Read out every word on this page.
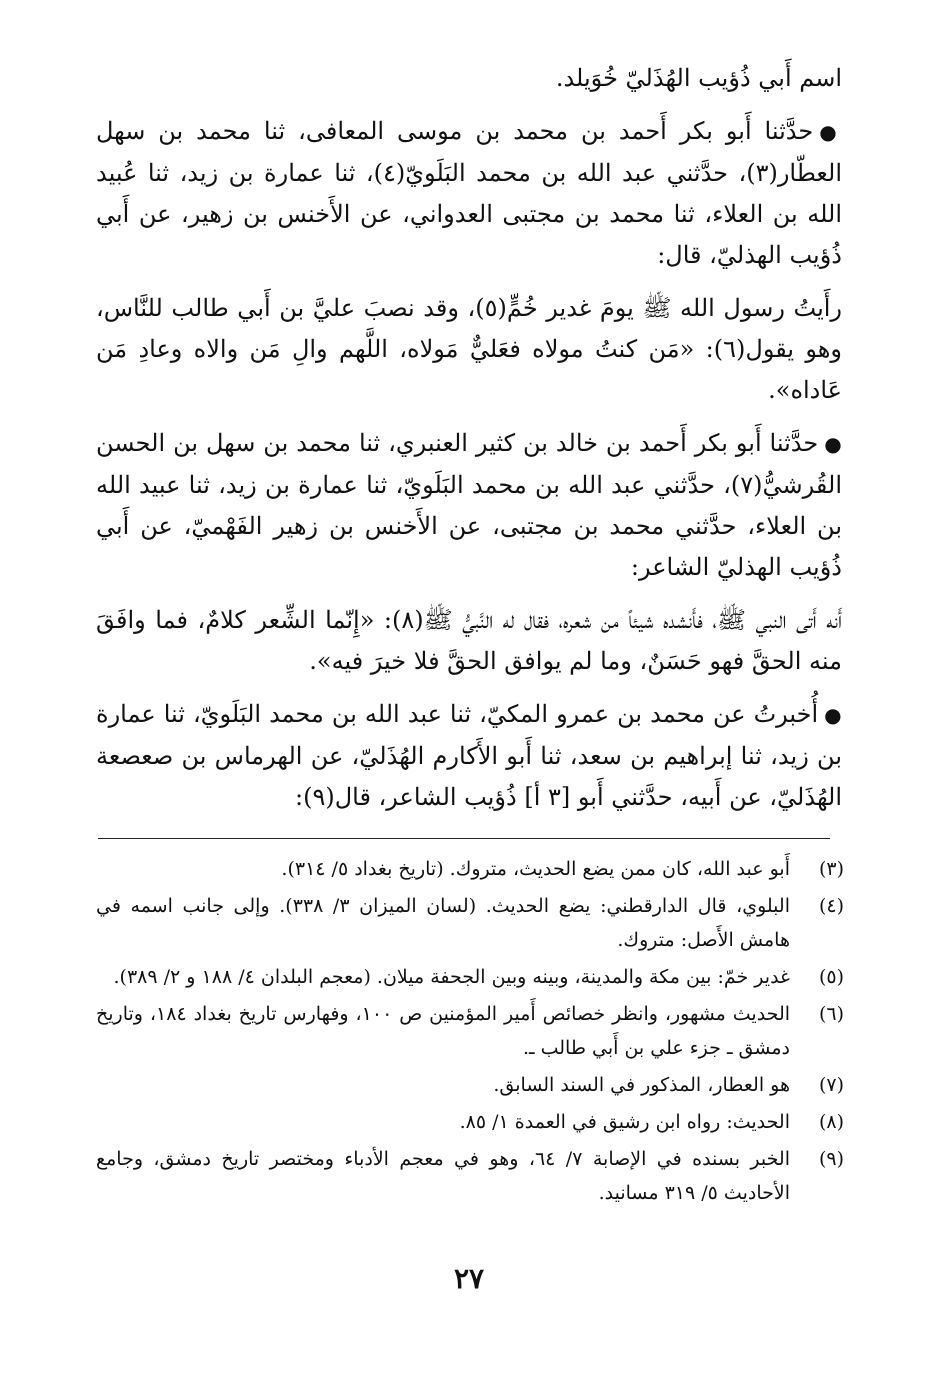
اسم أَبي ذُؤيب الهُذَليّ خُوَيلد.

●حدَّثنا أَبو بكر أَحمد بن محمد بن موسى المعافى، ثنا محمد بن سهل العطّار(٣)، حدَّثني عبد الله بن محمد البَلَويّ(٤)، ثنا عمارة بن زيد، ثنا عُبيد الله بن العلاء، ثنا محمد بن مجتبى العدواني، عن الأَخنس بن زهير، عن أَبي ذُؤيب الهذليّ، قال:

رأَيتُ رسول الله ﷺ يومَ غدير خُمٍّ(٥)، وقد نصبَ عليَّ بن أَبي طالب للنَّاس، وهو يقول(٦): «مَن كنتُ مولاه فعَليٌّ مَولاه، اللَّهم والِ مَن والاه وعادِ مَن عَاداه».

●حدَّثنا أَبو بكر أَحمد بن خالد بن كثير العنبري، ثنا محمد بن سهل بن الحسن القُرشيُّ(٧)، حدَّثني عبد الله بن محمد البَلَويّ، ثنا عمارة بن زيد، ثنا عبيد الله بن العلاء، حدَّثني محمد بن مجتبى، عن الأَخنس بن زهير الفَهْميّ، عن أَبي ذُؤيب الهذليّ الشاعر:

أَنه أَتى النبي ﷺ، فأَنشده شيئاً من شعره، فقال له النَّبيُّ ﷺ(٨): «إِنّما الشِّعر كلامٌ، فما وافَقَ منه الحقَّ فهو حَسَنٌ، وما لم يوافق الحقَّ فلا خيرَ فيه».

●أُخبرتُ عن محمد بن عمرو المكيّ، ثنا عبد الله بن محمد البَلَويّ، ثنا عمارة بن زيد، ثنا إبراهيم بن سعد، ثنا أَبو الأَكارم الهُذَليّ، عن الهرماس بن صعصعة الهُذَليّ، عن أَبيه، حدَّثني أَبو [٣ أ] ذُؤيب الشاعر، قال(٩):

(٣)
أَبو عبد الله، كان ممن يضع الحديث، متروك. (تاريخ بغداد ٥/ ٣١٤).
(٤)
البلوي، قال الدارقطني: يضع الحديث. (لسان الميزان ٣/ ٣٣٨). وإلى جانب اسمه في هامش الأَصل: متروك.
(٥)
غدير خمّ: بين مكة والمدينة، وبينه وبين الجحفة ميلان. (معجم البلدان ٤/ ١٨٨ و ٢/ ٣٨٩).
(٦)
الحديث مشهور، وانظر خصائص أَمير المؤمنين ص ١٠٠، وفهارس تاريخ بغداد ١٨٤، وتاريخ دمشق ـ جزء علي بن أَبي طالب ـ.
(٧)
هو العطار، المذكور في السند السابق.
(٨)
الحديث: رواه ابن رشيق في العمدة ١/ ٨٥.
(٩)
الخبر بسنده في الإصابة ٧/ ٦٤، وهو في معجم الأدباء ومختصر تاريخ دمشق، وجامع الأحاديث ٥/ ٣١٩ مسانيد.
٢٧
